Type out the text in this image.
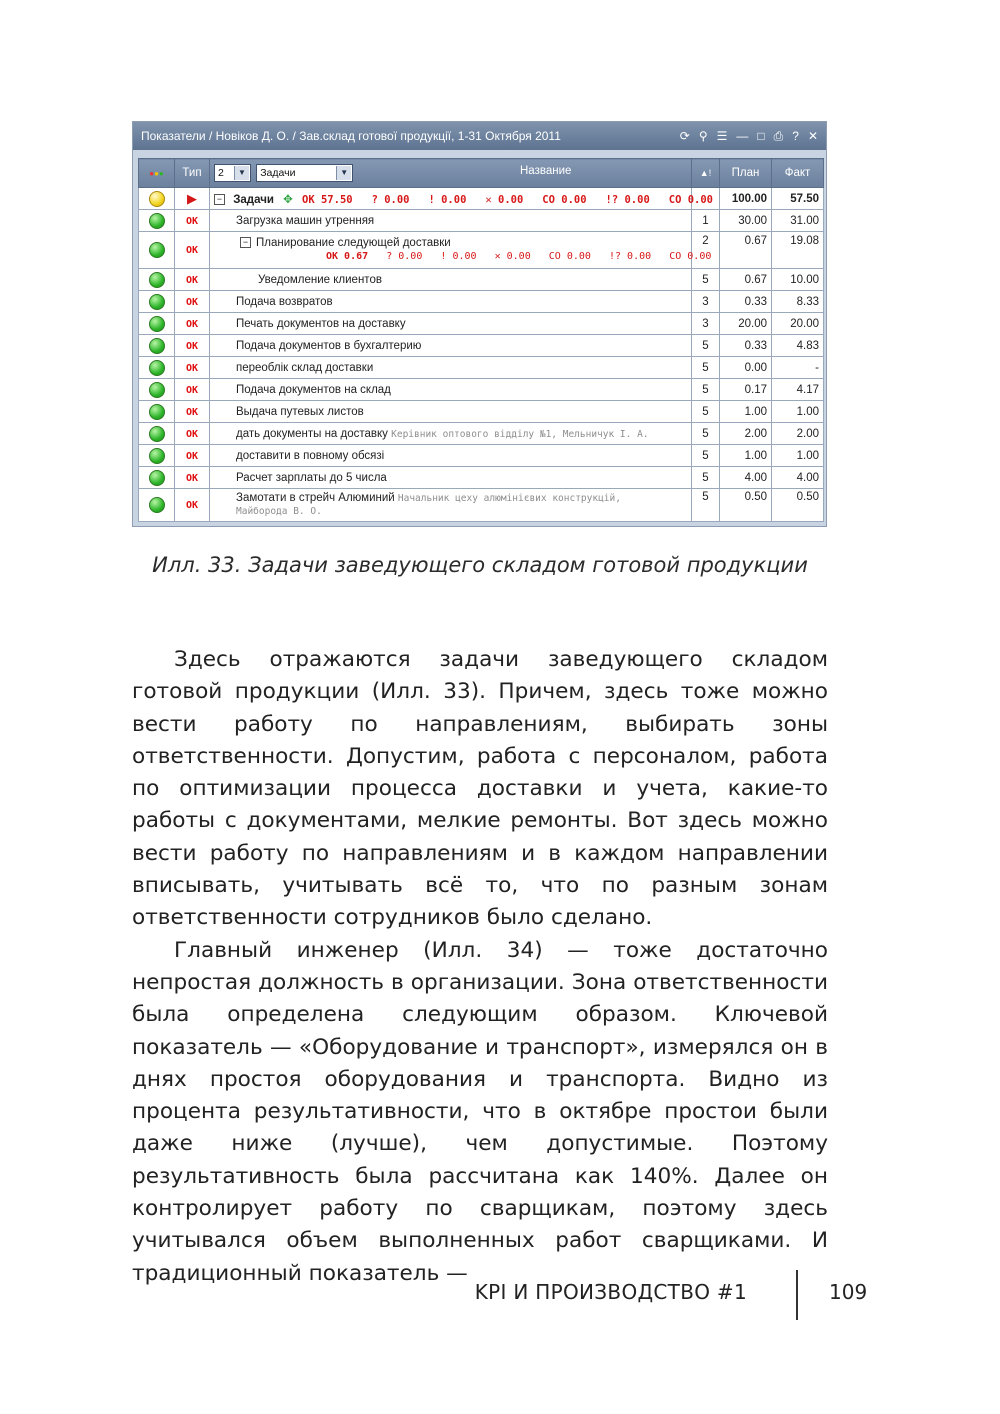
Показатели / Новіков Д. О. / Зав.склад готової продукції, 1-31 Октября 2011	⟳ ⚲ ☰ — □ ⎙ ? ✕
●●●	Тип	2 ▼ Задачи ▼ Название	▲!	План	Факт
	▶	− Задачи ✥ OK 57.50 ? 0.00 ! 0.00 ✕ 0.00 CO 0.00 !? 0.00 CO 0.00		100.00	57.50
	OK	Загрузка машин утренняя	1	30.00	31.00
	OK	− Планирование следующей доставки
OK 0.67 ? 0.00 ! 0.00 ✕ 0.00 CO 0.00 !? 0.00 CO 0.00	2	0.67	19.08
	OK	Уведомление клиентов	5	0.67	10.00
	OK	Подача возвратов	3	0.33	8.33
	OK	Печать документов на доставку	3	20.00	20.00
	OK	Подача документов в бухгалтерию	5	0.33	4.83
	OK	переоблік склад доставки	5	0.00	-
	OK	Подача документов на склад	5	0.17	4.17
	OK	Выдача путевых листов	5	1.00	1.00
	OK	дать документы на доставку Керівник оптового відділу №1, Мельничук І. А.	5	2.00	2.00
	OK	доставити в повному обсязі	5	1.00	1.00
	OK	Расчет зарплаты до 5 числа	5	4.00	4.00
	OK	Замотати в стрейч Алюминий Начальник цеху алюмінієвих конструкцій,
Майборода В. О.	5	0.50	0.50
Илл. 33. Задачи заведующего складом готовой продукции

Здесь отражаются задачи заведующего складом готовой продукции (Илл. 33). Причем, здесь тоже можно вести работу по направлениям, выбирать зоны ответственности. Допустим, работа с персоналом, работа по оптимизации процесса доставки и учета, какие-то работы с документами, мелкие ремонты. Вот здесь можно вести работу по направлениям и в каждом направлении вписывать, учитывать всё то, что по разным зонам ответственности сотрудников было сделано.

Главный инженер (Илл. 34) — тоже достаточно непростая должность в организации. Зона ответственности была определена следующим образом. Ключевой показатель — «Оборудование и транспорт», измерялся он в днях простоя оборудования и транспорта. Видно из процента результативности, что в октябре простои были даже ниже (лучше), чем допустимые. Поэтому результативность была рассчитана как 140%. Далее он контролирует работу по сварщикам, поэтому здесь учитывался объем выполненных работ сварщиками. И традиционный показатель —

KPI И ПРОИЗВОДСТВО #1	109
